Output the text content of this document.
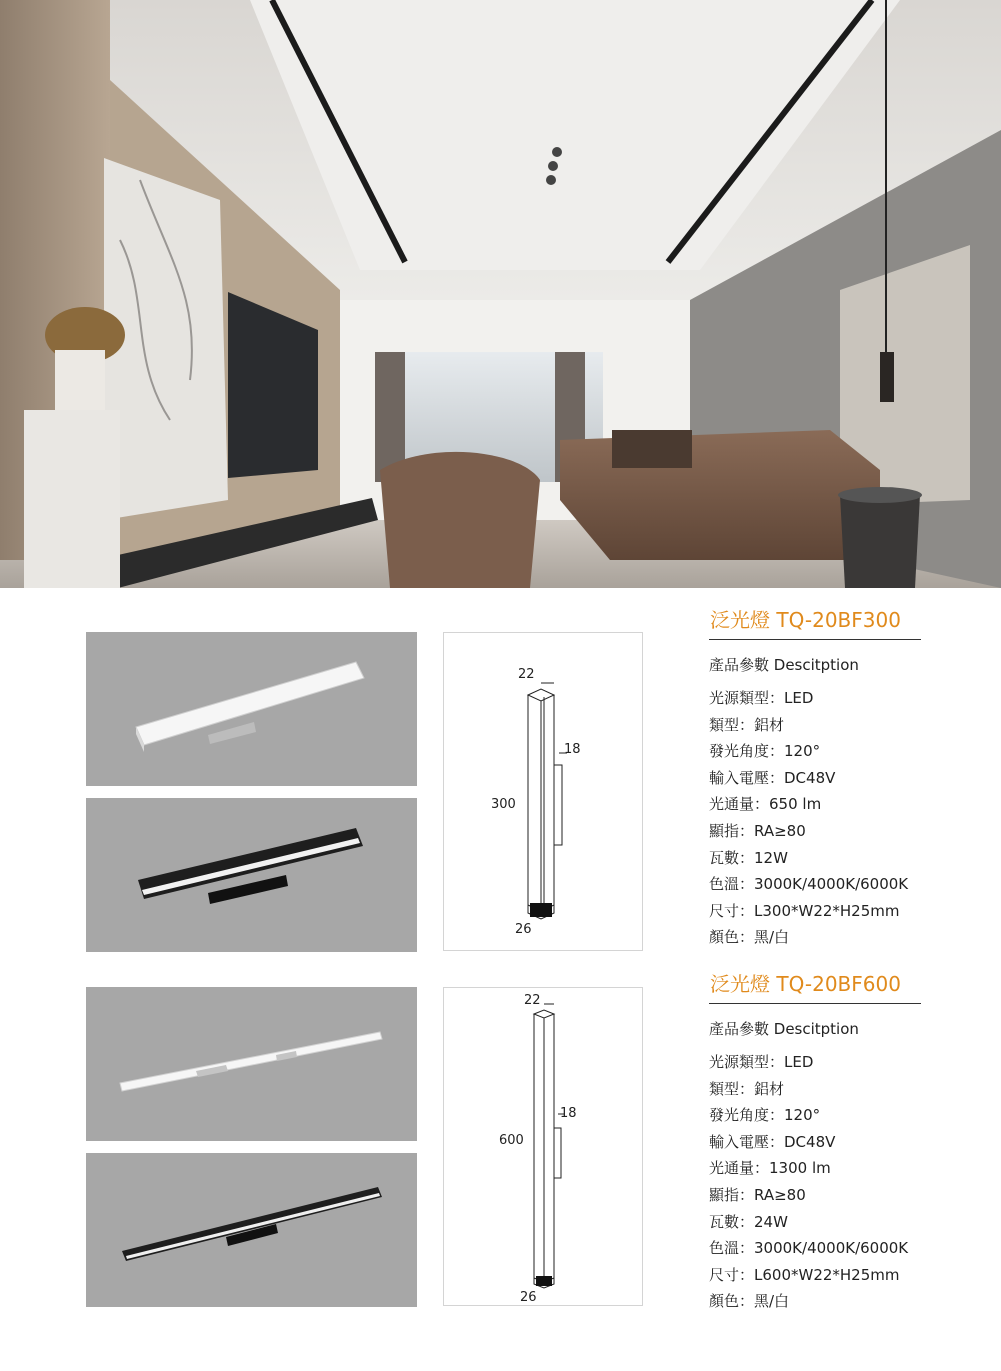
22
18
300
26
泛光燈 TQ-20BF300
產品參數 Descitption
光源類型：LED
類型：鋁材
發光角度：120°
輸入電壓：DC48V
光通量：650 lm
顯指：RA≥80
瓦數：12W
色溫：3000K/4000K/6000K
尺寸：L300*W22*H25mm
顏色：黑/白
22
18
600
26
泛光燈 TQ-20BF600
產品參數 Descitption
光源類型：LED
類型：鋁材
發光角度：120°
輸入電壓：DC48V
光通量：1300 lm
顯指：RA≥80
瓦數：24W
色溫：3000K/4000K/6000K
尺寸：L600*W22*H25mm
顏色：黑/白
